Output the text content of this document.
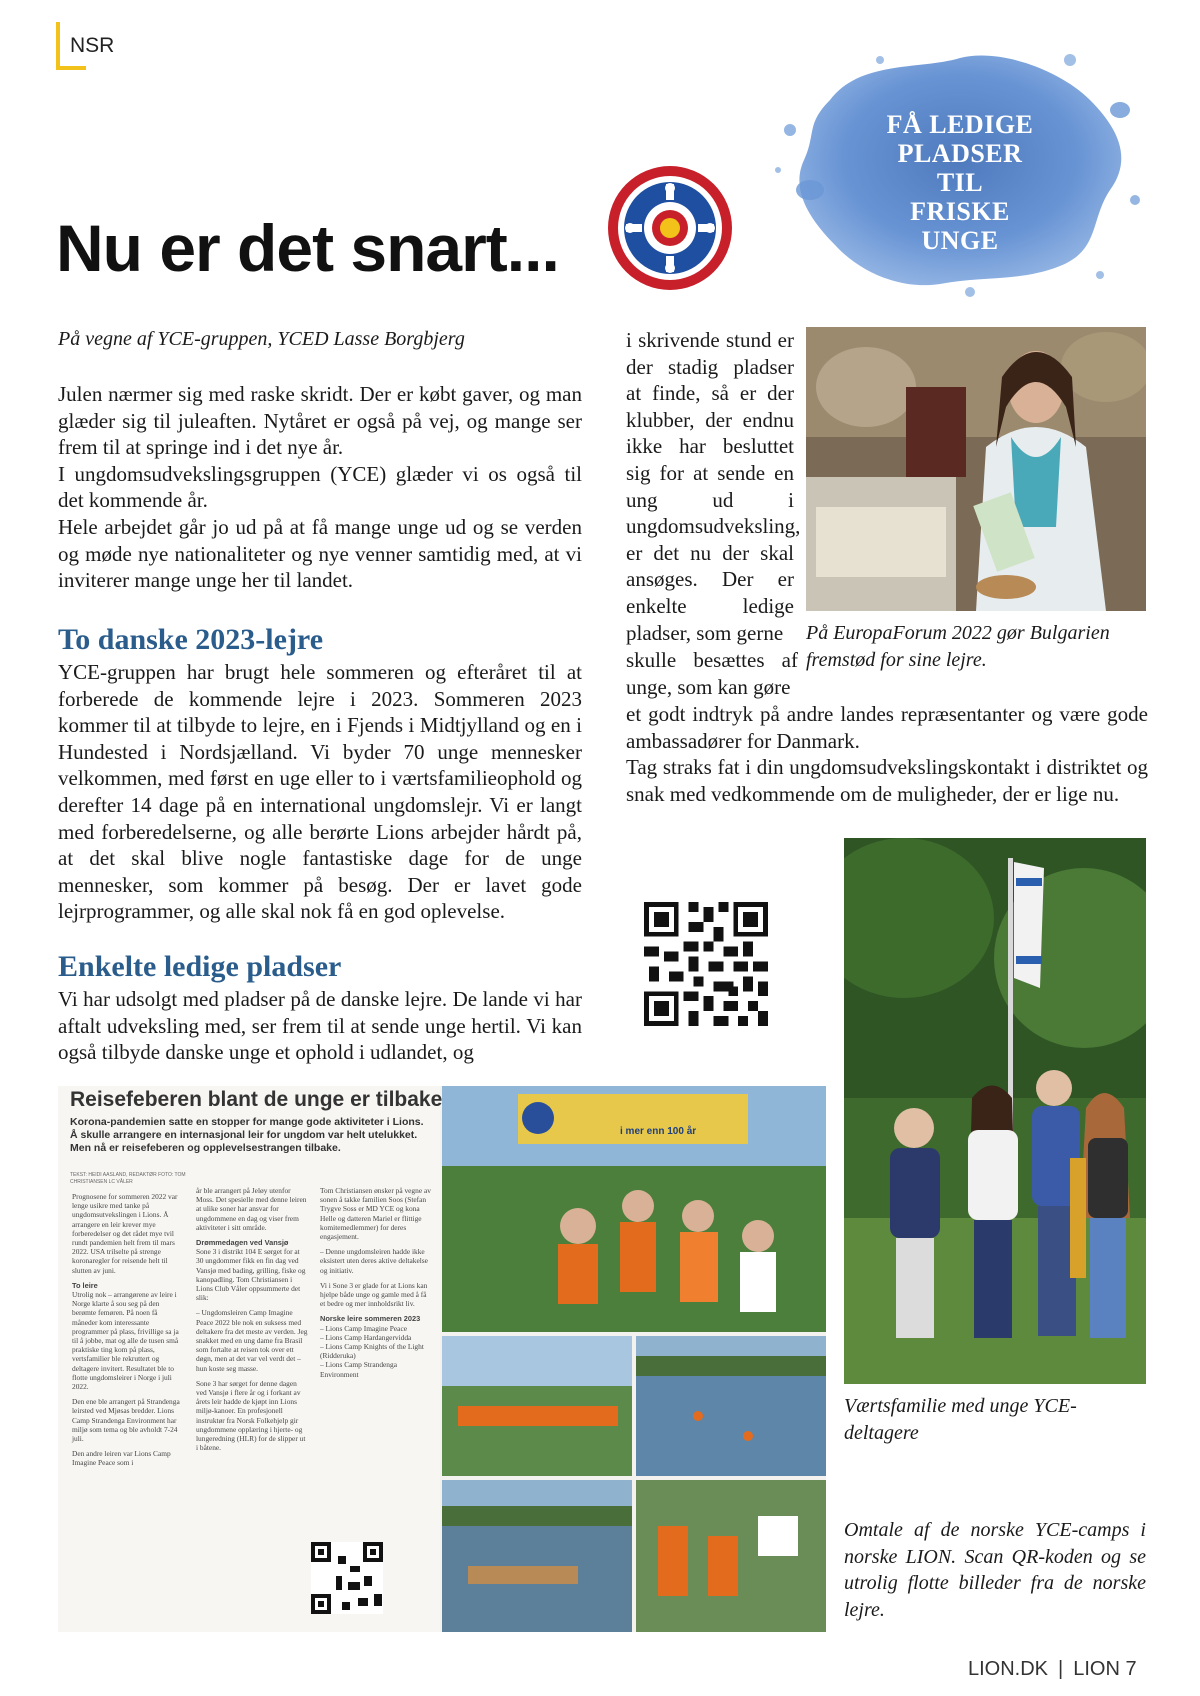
NSR
Nu er det snart...
FÅ LEDIGE
PLADSER
TIL
FRISKE
UNGE
På vegne af YCE-gruppen, YCED Lasse Borgbjerg
Julen nærmer sig med raske skridt. Der er købt gaver, og man glæder sig til juleaften. Nytåret er også på vej, og mange ser frem til at springe ind i det nye år.
I ungdomsudvekslingsgruppen (YCE) glæder vi os også til det kommende år.
Hele arbejdet går jo ud på at få mange unge ud og se verden og møde nye nationaliteter og nye venner samtidig med, at vi inviterer mange unge her til landet.
To danske 2023-lejre
YCE-gruppen har brugt hele sommeren og efteråret til at forberede de kommende lejre i 2023. Sommeren 2023 kommer til at tilbyde to lejre, en i Fjends i Midtjylland og en i Hundested i Nordsjælland. Vi byder 70 unge mennesker velkommen, med først en uge eller to i værtsfamilieophold og derefter 14 dage på en international ungdomslejr. Vi er langt med forberedelserne, og alle berørte Lions arbejder hårdt på, at det skal blive nogle fantastiske dage for de unge mennesker, som kommer på besøg. Der er lavet gode lejrprogrammer, og alle skal nok få en god oplevelse.
Enkelte ledige pladser
Vi har udsolgt med pladser på de danske lejre. De lande vi har aftalt udveksling med, ser frem til at sende unge hertil. Vi kan også tilbyde danske unge et ophold i udlandet, og
i skrivende stund er der stadig pladser at finde, så er der klubber, der endnu ikke har besluttet sig for at sende en ung ud i ungdomsudveksling, er det nu der skal ansøges. Der er enkelte ledige pladser, som gerne
skulle besættes af unge, som kan gøre
På EuropaForum 2022 gør Bulgarien fremstød for sine lejre.
et godt indtryk på andre landes repræsentanter og være gode ambassadører for Danmark.
Tag straks fat i din ungdomsudvekslingskontakt i distriktet og snak med vedkommende om de muligheder, der er lige nu.
Reisefeberen blant de unge er tilbake
Korona-pandemien satte en stopper for mange gode aktiviteter i Lions. Å skulle arrangere en internasjonal leir for ungdom var helt utelukket. Men nå er reisefeberen og opplevelsestrangen tilbake.
TEKST: HEIDI AASLAND, REDAKTØR FOTO: TOM CHRISTIANSEN LC VÅLER
i mer enn 100 år
Prognosene for sommeren 2022 var lenge usikre med tanke på ungdomsutvekslingen i Lions. Å arrangere en leir krever mye forberedelser og det rådet mye tvil rundt pandemien helt frem til mars 2022. USA trilselte på strenge koronaregler for reisende helt til slutten av juni.
To leire
Utrolig nok – arrangørene av leire i Norge klarte å sou seg på den berømte femøren. På noen få måneder kom interessante programmer på plass, frivillige sa ja til å jobbe, mat og alle de tusen små praktiske ting kom på plass, vertsfamilier ble rekruttert og deltagere invitert. Resultatet ble to flotte ungdomsleirer i Norge i juli 2022.
Den ene ble arrangert på Strandenga leirsted ved Mjøsas bredder. Lions Camp Strandenga Environment har miljø som tema og ble avholdt 7-24 juli.
Den andre leiren var Lions Camp Imagine Peace som i
år ble arrangert på Jeløy utenfor Moss. Det spesielle med denne leiren at ulike soner har ansvar for ungdommene en dag og viser frem aktiviteter i sitt område.
Drømmedagen ved Vansjø
Sone 3 i distrikt 104 E sørget for at 30 ungdommer fikk en fin dag ved Vansjø med bading, grilling, fiske og kanopadling. Tom Christiansen i Lions Club Våler oppsummerte det slik:
– Ungdomsleiren Camp Imagine Peace 2022 ble nok en suksess med deltakere fra det meste av verden. Jeg snakket med en ung dame fra Brasil som fortalte at reisen tok over ett døgn, men at det var vel verdt det – hun koste seg masse.
Sone 3 har sørget for denne dagen ved Vansjø i flere år og i forkant av årets leir hadde de kjøpt inn Lions miljø-kanoer. En profesjonell instruktør fra Norsk Folkehjelp gir ungdommene opplæring i hjerte- og lungeredning (HLR) for de slipper ut i båtene.
Tom Christiansen ønsker på vegne av sonen å takke familien Soos (Stefan Trygve Soss er MD YCE og kona Helle og datteren Mariel er flittige komitemedlemmer) for deres engasjement.
– Denne ungdomsleiren hadde ikke eksistert uten deres aktive deltakelse og initiativ.
Vi i Sone 3 er glade for at Lions kan hjelpe både unge og gamle med å få et bedre og mer innholdsrikt liv.
Norske leire sommeren 2023
– Lions Camp Imagine Peace
– Lions Camp Hardangervidda
– Lions Camp Knights of the Light (Ridderuka)
– Lions Camp Strandenga Environment
Værtsfamilie med unge YCE-deltagere
Omtale af de norske YCE-camps i norske LION. Scan QR-koden og se utrolig flotte billeder fra de norske lejre.
LION.DK | LION 7
